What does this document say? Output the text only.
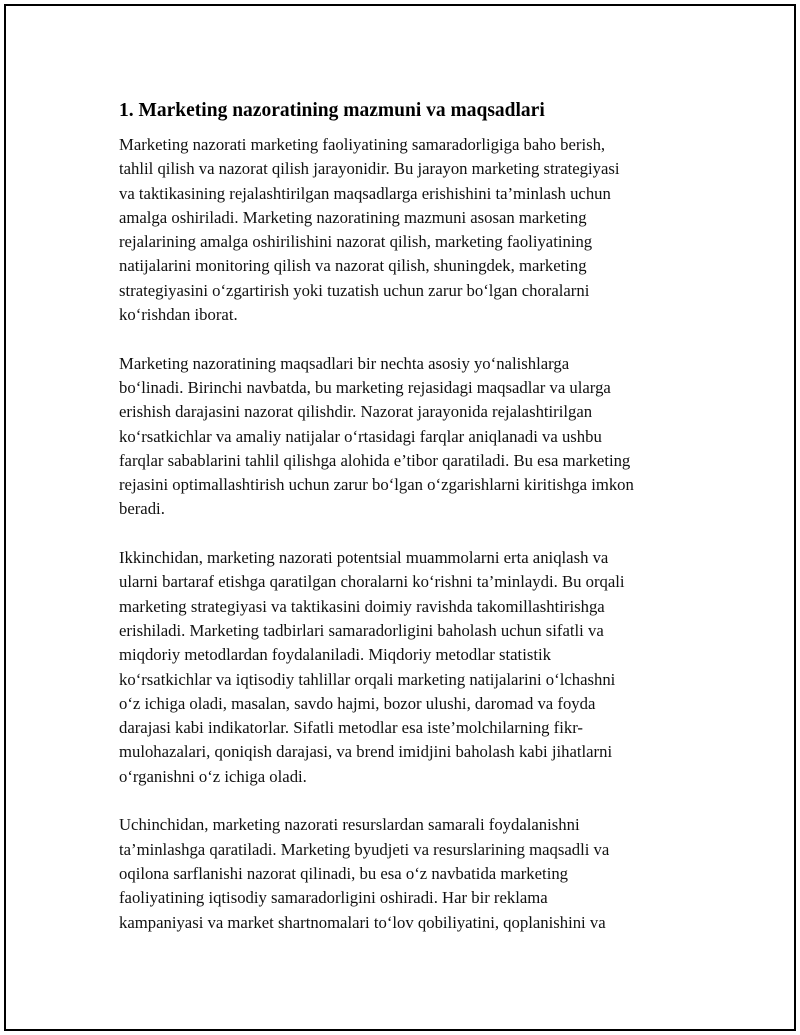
1. Marketing nazoratining mazmuni va maqsadlari

Marketing nazorati marketing faoliyatining samaradorligiga baho berish,
tahlil qilish va nazorat qilish jarayonidir. Bu jarayon marketing strategiyasi
va taktikasining rejalashtirilgan maqsadlarga erishishini ta’minlash uchun
amalga oshiriladi. Marketing nazoratining mazmuni asosan marketing
rejalarining amalga oshirilishini nazorat qilish, marketing faoliyatining
natijalarini monitoring qilish va nazorat qilish, shuningdek, marketing
strategiyasini o‘zgartirish yoki tuzatish uchun zarur bo‘lgan choralarni
ko‘rishdan iborat.

Marketing nazoratining maqsadlari bir nechta asosiy yo‘nalishlarga
bo‘linadi. Birinchi navbatda, bu marketing rejasidagi maqsadlar va ularga
erishish darajasini nazorat qilishdir. Nazorat jarayonida rejalashtirilgan
ko‘rsatkichlar va amaliy natijalar o‘rtasidagi farqlar aniqlanadi va ushbu
farqlar sabablarini tahlil qilishga alohida e’tibor qaratiladi. Bu esa marketing
rejasini optimallashtirish uchun zarur bo‘lgan o‘zgarishlarni kiritishga imkon
beradi.

Ikkinchidan, marketing nazorati potentsial muammolarni erta aniqlash va
ularni bartaraf etishga qaratilgan choralarni ko‘rishni ta’minlaydi. Bu orqali
marketing strategiyasi va taktikasini doimiy ravishda takomillashtirishga
erishiladi. Marketing tadbirlari samaradorligini baholash uchun sifatli va
miqdoriy metodlardan foydalaniladi. Miqdoriy metodlar statistik
ko‘rsatkichlar va iqtisodiy tahlillar orqali marketing natijalarini o‘lchashni
o‘z ichiga oladi, masalan, savdo hajmi, bozor ulushi, daromad va foyda
darajasi kabi indikatorlar. Sifatli metodlar esa iste’molchilarning fikr-
mulohazalari, qoniqish darajasi, va brend imidjini baholash kabi jihatlarni
o‘rganishni o‘z ichiga oladi.

Uchinchidan, marketing nazorati resurslardan samarali foydalanishni
ta’minlashga qaratiladi. Marketing byudjeti va resurslarining maqsadli va
oqilona sarflanishi nazorat qilinadi, bu esa o‘z navbatida marketing
faoliyatining iqtisodiy samaradorligini oshiradi. Har bir reklama
kampaniyasi va market shartnomalari to‘lov qobiliyatini, qoplanishini va
